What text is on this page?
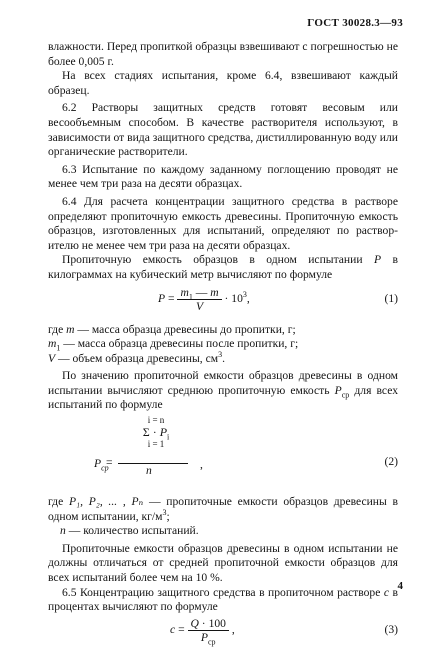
ГОСТ 30028.3—93

влажности. Перед пропиткой образцы взвешивают с погрешностью не более 0,005 г.

На всех стадиях испытания, кроме 6.4, взвешивают каждый образец.

6.2 Растворы защитных средств готовят весовым или весообъемным способом. В качестве растворителя используют, в зависимости от вида защитного средства, дистиллированную воду или органические растворители.

6.3 Испытание по каждому заданному поглощению проводят не менее чем три раза на десяти образцах.

6.4 Для расчета концентрации защитного средства в растворе определяют пропиточную емкость древесины. Пропиточную емкость образцов, изготовленных для испытаний, определяют по растворителю не менее чем три раза на десяти образцах.

Пропиточную емкость образцов в одном испытании P в килограммах на кубический метр вычисляют по формуле

$P = \frac{m_1 — m}{V} \cdot 10^3$,	(1)

где m — масса образца древесины до пропитки, г;

$m_1$ — масса образца древесины после пропитки, г;

V — объем образца древесины, $см^3$.

По значению пропиточной емкости образцов древесины в одном испытании вычисляют среднюю пропиточную емкость $P_{ср}$ для всех испытаний по формуле

$P_{ср}$
=
i = n
$\Sigma \cdot P_i$
i = 1
n	,	(2)

где P₁, P₂, ... , Pₙ — пропиточные емкости образцов древесины в одном испытании, $кг/м^3$;

n — количество испытаний.

Пропиточные емкости образцов древесины в одном испытании не должны отличаться от средней пропиточной емкости образцов для всех испытаний более чем на 10 %.

6.5 Концентрацию защитного средства в пропиточном растворе c в процентах вычисляют по формуле

$c = \frac{Q \cdot 100}{P_{ср}}$ ,	(3)
4
